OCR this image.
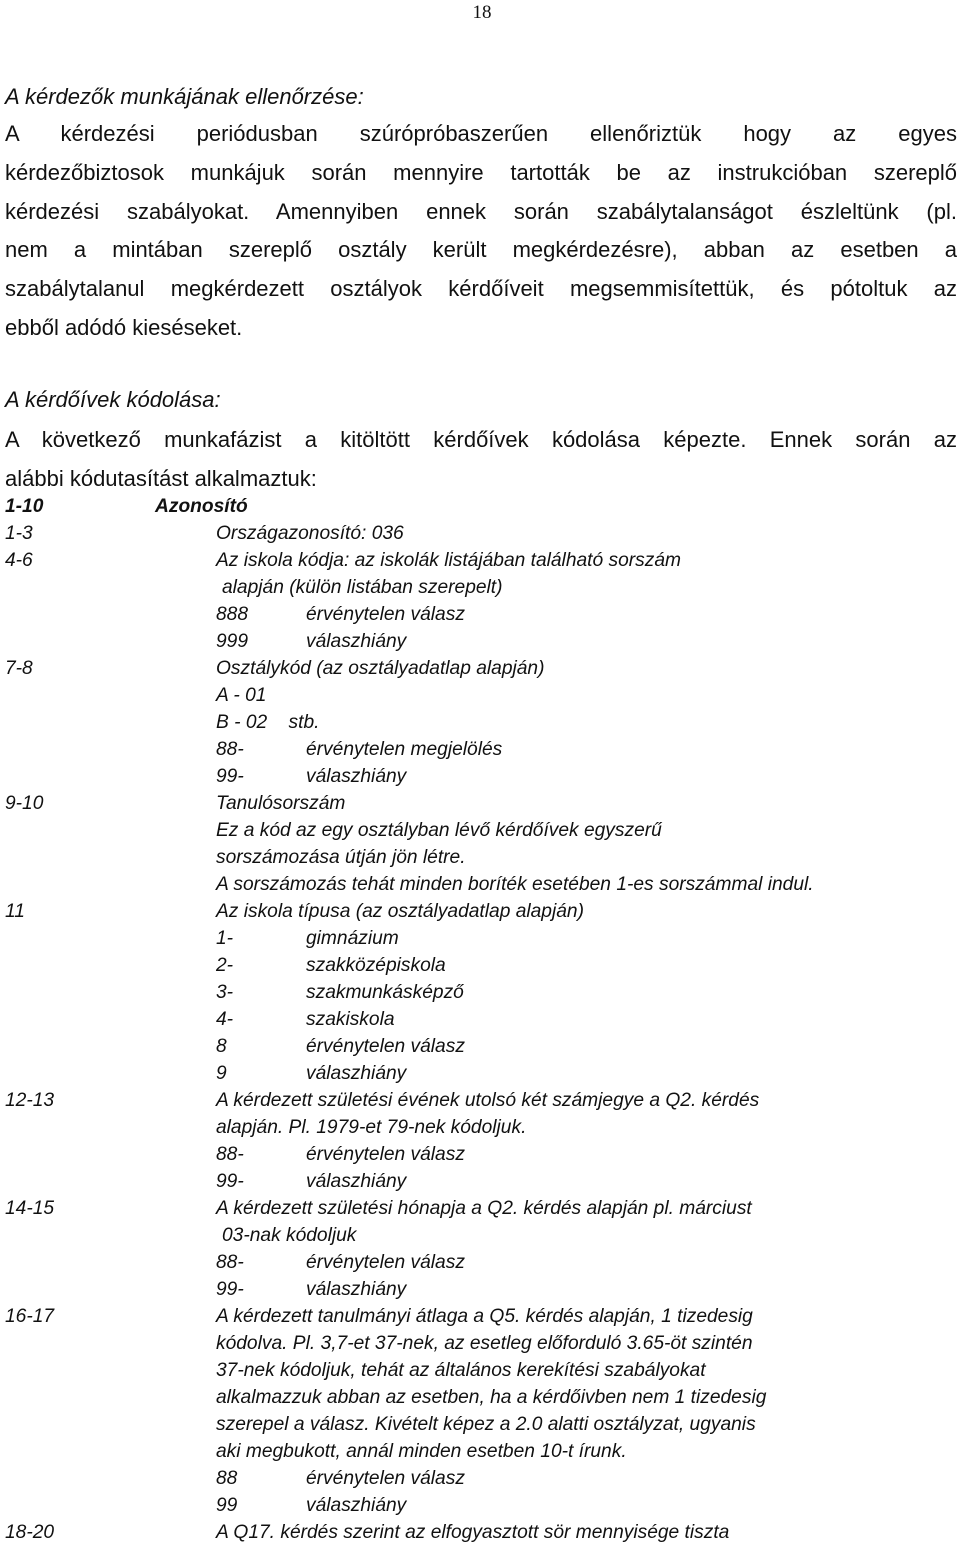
18
A kérdezők munkájának ellenőrzése:
A kérdezési periódusban szúrópróbaszerűen ellenőriztük hogy az egyes
kérdezőbiztosok munkájuk során mennyire tartották be az instrukcióban szereplő
kérdezési szabályokat. Amennyiben ennek során szabálytalanságot észleltünk (pl.
nem a mintában szereplő osztály került megkérdezésre), abban az esetben a
szabálytalanul megkérdezett osztályok kérdőíveit megsemmisítettük, és pótoltuk az
ebből adódó kieséseket.
A kérdőívek kódolása:
A következő munkafázist a kitöltött kérdőívek kódolása képezte. Ennek során az
alábbi kódutasítást alkalmaztuk:
1-10	Azonosító
1-3	Országazonosító: 036
4-6	Az iskola kódja: az iskolák listájában található sorszám
alapján (külön listában szerepelt)
888	érvénytelen válasz
999	válaszhiány
7-8	Osztálykód (az osztályadatlap alapján)
A - 01
B - 02    stb.
88-	érvénytelen megjelölés
99-	válaszhiány
9-10	Tanulósorszám
Ez a kód az egy osztályban lévő kérdőívek egyszerű
sorszámozása útján jön létre.
A sorszámozás tehát minden boríték esetében 1-es sorszámmal indul.
11	Az iskola típusa (az osztályadatlap alapján)
1-	gimnázium
2-	szakközépiskola
3-	szakmunkásképző
4-	szakiskola
8	érvénytelen válasz
9	válaszhiány
12-13	A kérdezett születési évének utolsó két számjegye a Q2. kérdés
alapján. Pl. 1979-et 79-nek kódoljuk.
88-	érvénytelen válasz
99-	válaszhiány
14-15	A kérdezett születési hónapja a Q2. kérdés alapján pl. márciust
03-nak kódoljuk
88-	érvénytelen válasz
99-	válaszhiány
16-17	A kérdezett tanulmányi átlaga a Q5. kérdés alapján, 1 tizedesig
kódolva. Pl. 3,7-et 37-nek, az esetleg előforduló 3.65-öt szintén
37-nek kódoljuk, tehát az általános kerekítési szabályokat
alkalmazzuk abban az esetben, ha a kérdőivben nem 1 tizedesig
szerepel a válasz. Kivételt képez a 2.0 alatti osztályzat, ugyanis
aki megbukott, annál minden esetben 10-t írunk.
88	érvénytelen válasz
99	válaszhiány
18-20	A Q17. kérdés szerint az elfogyasztott sör mennyisége tiszta
